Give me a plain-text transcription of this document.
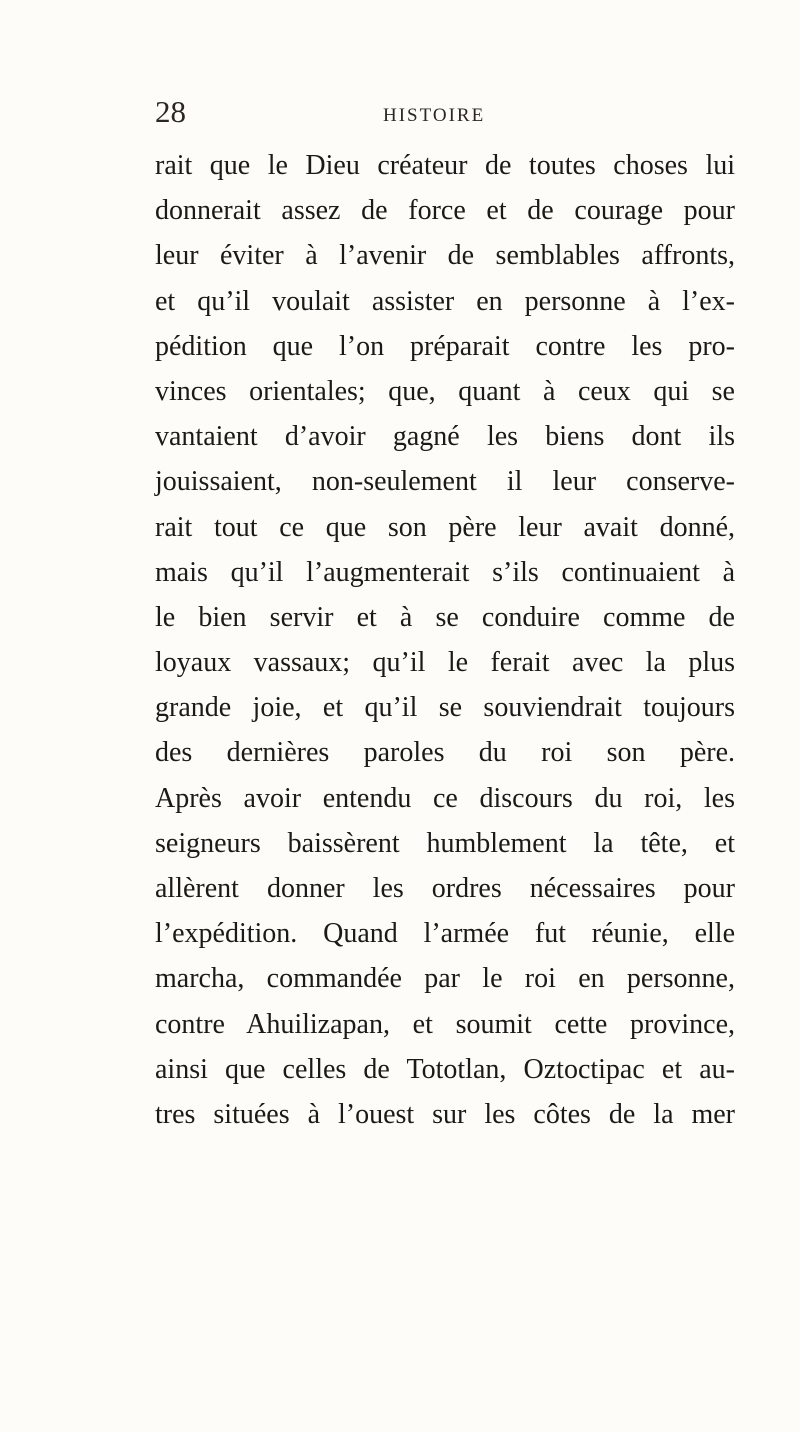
28	HISTOIRE
rait que le Dieu créateur de toutes choses lui
donnerait assez de force et de courage pour
leur éviter à l’avenir de semblables affronts,
et qu’il voulait assister en personne à l’ex-
pédition que l’on préparait contre les pro-
vinces orientales; que, quant à ceux qui se
vantaient d’avoir gagné les biens dont ils
jouissaient, non-seulement il leur conserve-
rait tout ce que son père leur avait donné,
mais qu’il l’augmenterait s’ils continuaient à
le bien servir et à se conduire comme de
loyaux vassaux; qu’il le ferait avec la plus
grande joie, et qu’il se souviendrait toujours
des dernières paroles du roi son père.
Après avoir entendu ce discours du roi, les
seigneurs baissèrent humblement la tête, et
allèrent donner les ordres nécessaires pour
l’expédition. Quand l’armée fut réunie, elle
marcha, commandée par le roi en personne,
contre Ahuilizapan, et soumit cette province,
ainsi que celles de Tototlan, Oztoctipac et au-
tres situées à l’ouest sur les côtes de la mer
